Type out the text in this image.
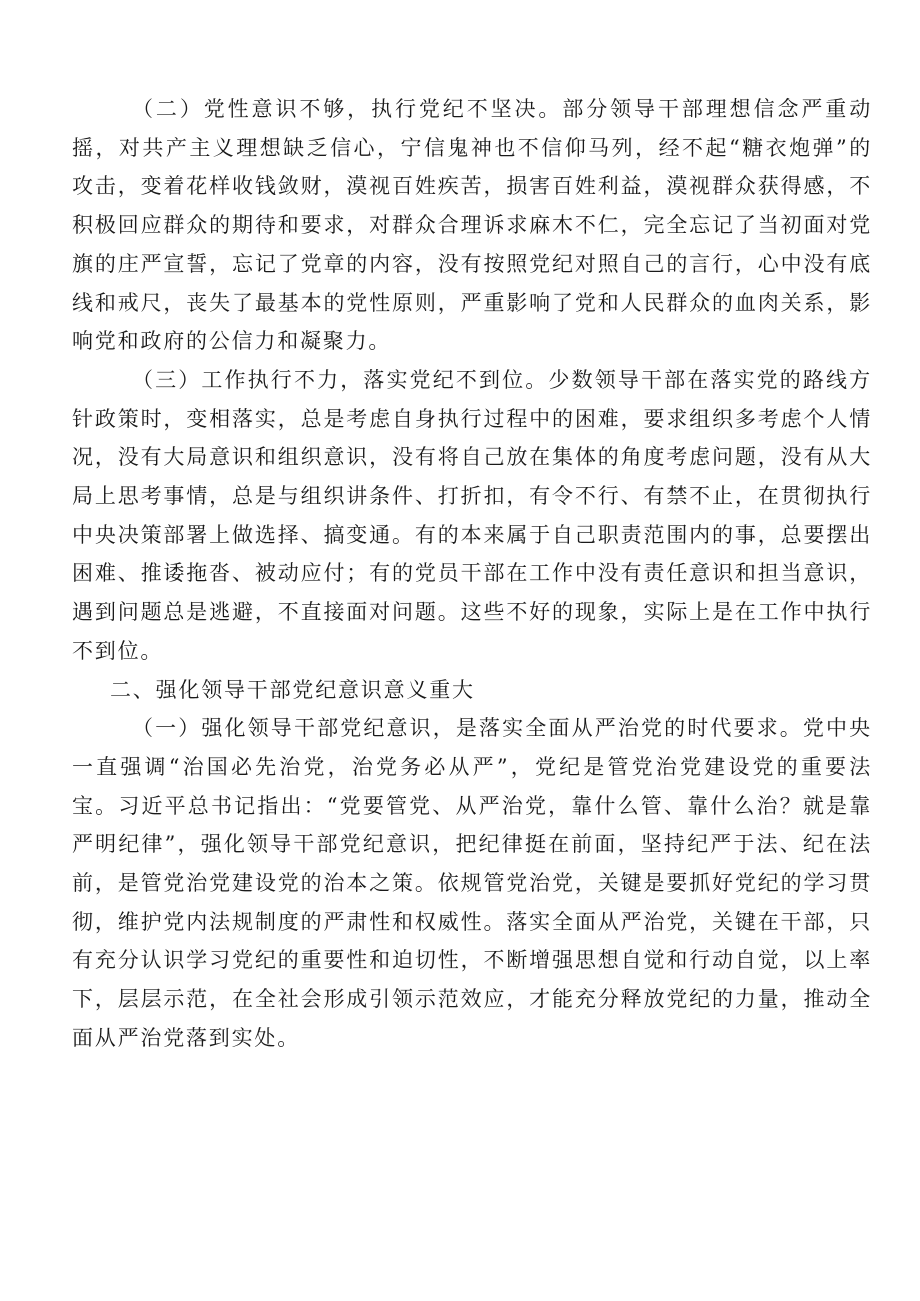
（二）党性意识不够，执行党纪不坚决。部分领导干部理想信念严重动摇，对共产主义理想缺乏信心，宁信鬼神也不信仰马列，经不起“糖衣炮弹”的攻击，变着花样收钱敛财，漠视百姓疾苦，损害百姓利益，漠视群众获得感，不积极回应群众的期待和要求，对群众合理诉求麻木不仁，完全忘记了当初面对党旗的庄严宣誓，忘记了党章的内容，没有按照党纪对照自己的言行，心中没有底线和戒尺，丧失了最基本的党性原则，严重影响了党和人民群众的血肉关系，影响党和政府的公信力和凝聚力。

（三）工作执行不力，落实党纪不到位。少数领导干部在落实党的路线方针政策时，变相落实，总是考虑自身执行过程中的困难，要求组织多考虑个人情况，没有大局意识和组织意识，没有将自己放在集体的角度考虑问题，没有从大局上思考事情，总是与组织讲条件、打折扣，有令不行、有禁不止，在贯彻执行中央决策部署上做选择、搞变通。有的本来属于自己职责范围内的事，总要摆出困难、推诿拖沓、被动应付；有的党员干部在工作中没有责任意识和担当意识，遇到问题总是逃避，不直接面对问题。这些不好的现象，实际上是在工作中执行不到位。

二、强化领导干部党纪意识意义重大

（一）强化领导干部党纪意识，是落实全面从严治党的时代要求。党中央一直强调“治国必先治党，治党务必从严”，党纪是管党治党建设党的重要法宝。习近平总书记指出：“党要管党、从严治党，靠什么管、靠什么治？就是靠严明纪律”，强化领导干部党纪意识，把纪律挺在前面，坚持纪严于法、纪在法前，是管党治党建设党的治本之策。依规管党治党，关键是要抓好党纪的学习贯彻，维护党内法规制度的严肃性和权威性。落实全面从严治党，关键在干部，只有充分认识学习党纪的重要性和迫切性，不断增强思想自觉和行动自觉，以上率下，层层示范，在全社会形成引领示范效应，才能充分释放党纪的力量，推动全面从严治党落到实处。
